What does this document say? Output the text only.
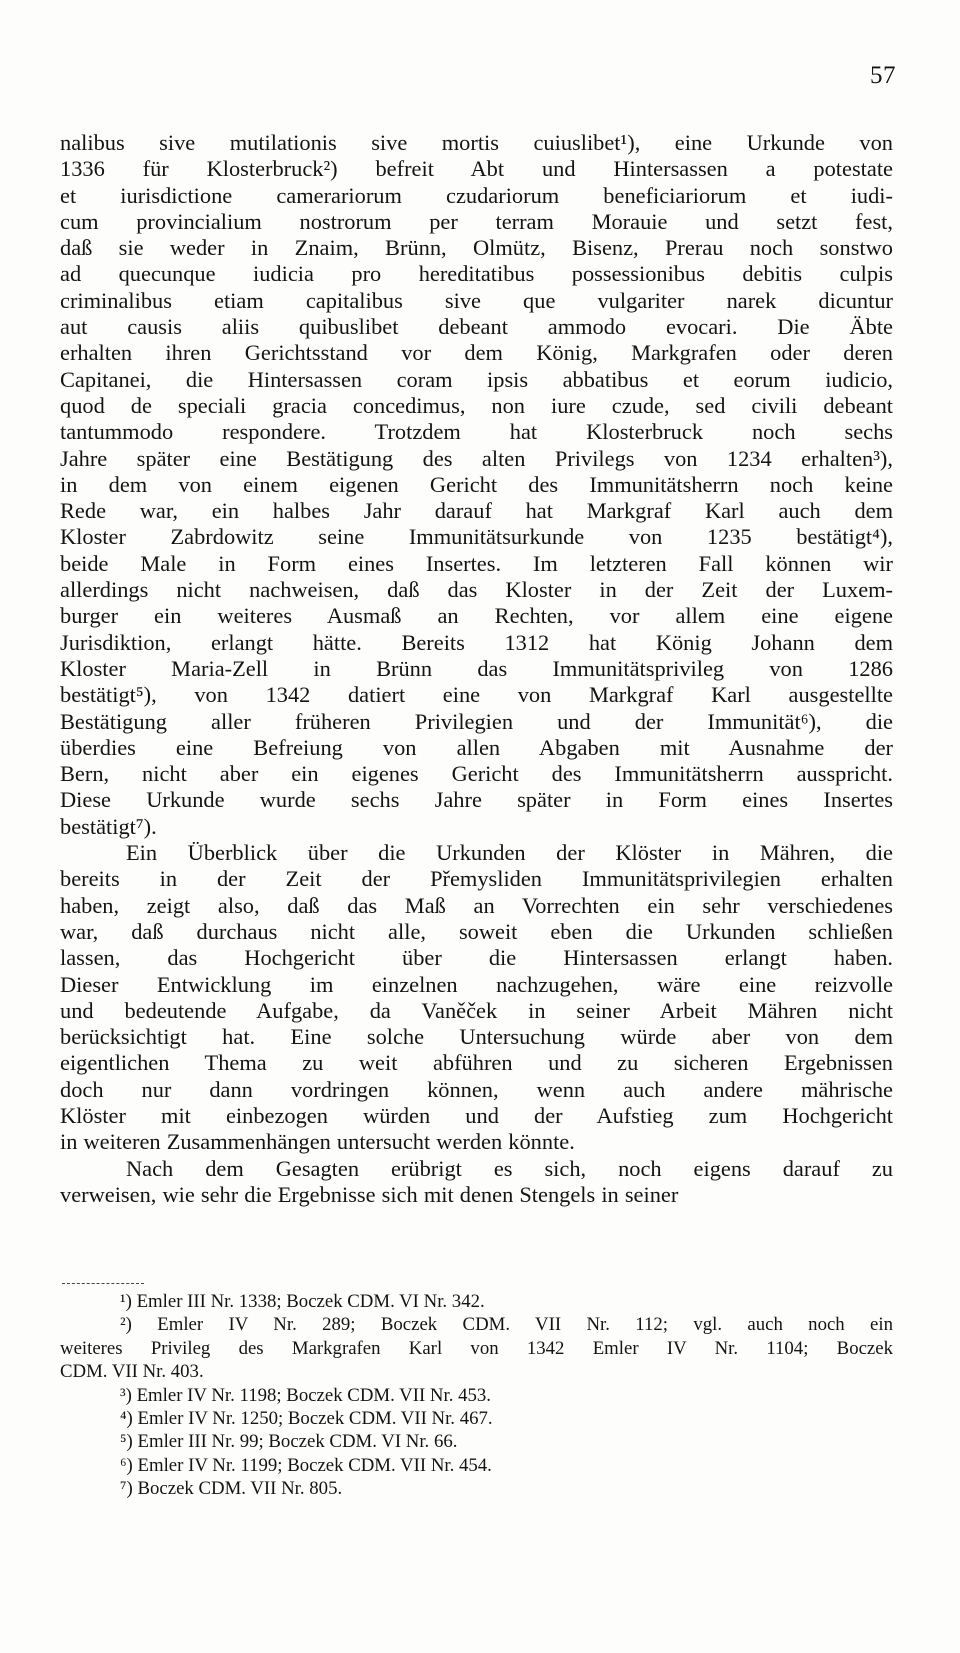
57

nalibus sive mutilationis sive mortis cuiuslibet¹), eine Urkunde von
1336 für Klosterbruck²) befreit Abt und Hintersassen a potestate
et iurisdictione camerariorum czudariorum beneficiariorum et iudi-
cum provincialium nostrorum per terram Morauie und setzt fest,
daß sie weder in Znaim, Brünn, Olmütz, Bisenz, Prerau noch sonstwo
ad quecunque iudicia pro hereditatibus possessionibus debitis culpis
criminalibus etiam capitalibus sive que vulgariter narek dicuntur
aut causis aliis quibuslibet debeant ammodo evocari. Die Äbte
erhalten ihren Gerichtsstand vor dem König, Markgrafen oder deren
Capitanei, die Hintersassen coram ipsis abbatibus et eorum iudicio,
quod de speciali gracia concedimus, non iure czude, sed civili debeant
tantummodo respondere. Trotzdem hat Klosterbruck noch sechs
Jahre später eine Bestätigung des alten Privilegs von 1234 erhalten³),
in dem von einem eigenen Gericht des Immunitätsherrn noch keine
Rede war, ein halbes Jahr darauf hat Markgraf Karl auch dem
Kloster Zabrdowitz seine Immunitätsurkunde von 1235 bestätigt⁴),
beide Male in Form eines Insertes. Im letzteren Fall können wir
allerdings nicht nachweisen, daß das Kloster in der Zeit der Luxem-
burger ein weiteres Ausmaß an Rechten, vor allem eine eigene
Jurisdiktion, erlangt hätte. Bereits 1312 hat König Johann dem
Kloster Maria-Zell in Brünn das Immunitätsprivileg von 1286
bestätigt⁵), von 1342 datiert eine von Markgraf Karl ausgestellte
Bestätigung aller früheren Privilegien und der Immunität⁶), die
überdies eine Befreiung von allen Abgaben mit Ausnahme der
Bern, nicht aber ein eigenes Gericht des Immunitätsherrn ausspricht.
Diese Urkunde wurde sechs Jahre später in Form eines Insertes
bestätigt⁷).

Ein Überblick über die Urkunden der Klöster in Mähren, die
bereits in der Zeit der Přemysliden Immunitätsprivilegien erhalten
haben, zeigt also, daß das Maß an Vorrechten ein sehr verschiedenes
war, daß durchaus nicht alle, soweit eben die Urkunden schließen
lassen, das Hochgericht über die Hintersassen erlangt haben.
Dieser Entwicklung im einzelnen nachzugehen, wäre eine reizvolle
und bedeutende Aufgabe, da Vaněček in seiner Arbeit Mähren nicht
berücksichtigt hat. Eine solche Untersuchung würde aber von dem
eigentlichen Thema zu weit abführen und zu sicheren Ergebnissen
doch nur dann vordringen können, wenn auch andere mährische
Klöster mit einbezogen würden und der Aufstieg zum Hochgericht
in weiteren Zusammenhängen untersucht werden könnte.

Nach dem Gesagten erübrigt es sich, noch eigens darauf zu
verweisen, wie sehr die Ergebnisse sich mit denen Stengels in seiner

¹) Emler III Nr. 1338; Boczek CDM. VI Nr. 342.

²) Emler IV Nr. 289; Boczek CDM. VII Nr. 112; vgl. auch noch ein
weiteres Privileg des Markgrafen Karl von 1342 Emler IV Nr. 1104; Boczek
CDM. VII Nr. 403.

³) Emler IV Nr. 1198; Boczek CDM. VII Nr. 453.

⁴) Emler IV Nr. 1250; Boczek CDM. VII Nr. 467.

⁵) Emler III Nr. 99; Boczek CDM. VI Nr. 66.

⁶) Emler IV Nr. 1199; Boczek CDM. VII Nr. 454.

⁷) Boczek CDM. VII Nr. 805.
